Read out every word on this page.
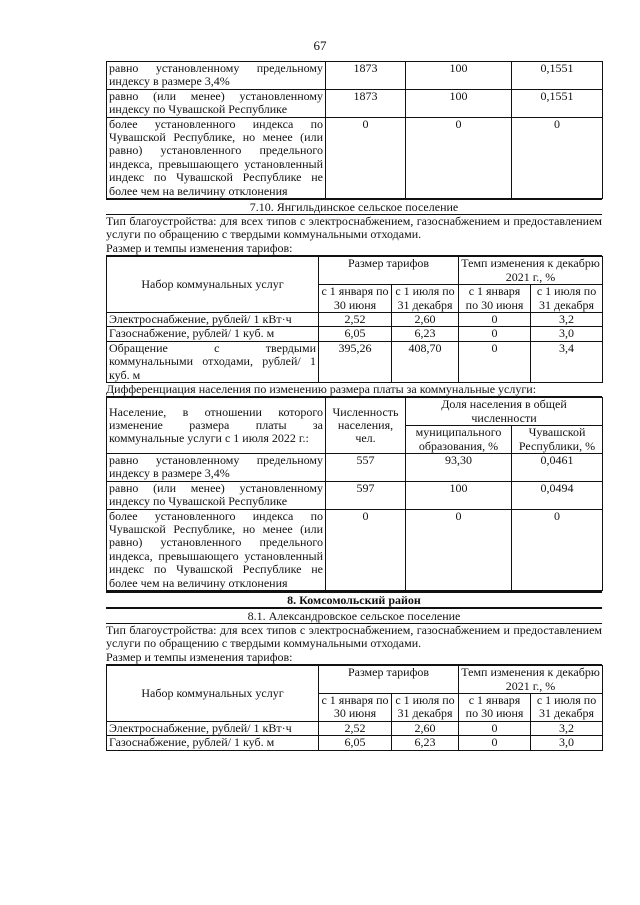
67
равно установленному предельному индексу в размере 3,4%	1873	100	0,1551
равно (или менее) установленному индексу по Чувашской Республике	1873	100	0,1551
более установленного индекса по Чувашской Республике, но менее (или равно) установленного предельного индекса, превышающего установленный индекс по Чувашской Республике не более чем на величину отклонения	0	0	0
7.10. Янгильдинское сельское поселение
Тип благоустройства: для всех типов с электроснабжением, газоснабжением и предоставлением услуги по обращению с твердыми коммунальными отходами.
Размер и темпы изменения тарифов:
Набор коммунальных услуг	Размер тарифов		Темп изменения к декабрю 2021 г., %	
	с 1 января по 30 июня	с 1 июля по 31 декабря	с 1 января по 30 июня	с 1 июля по 31 декабря
Электроснабжение, рублей/ 1 кВт·ч	2,52	2,60	0	3,2
Газоснабжение, рублей/ 1 куб. м	6,05	6,23	0	3,0
Обращение с твердыми коммунальными отходами, рублей/ 1 куб. м	395,26	408,70	0	3,4
Дифференциация населения по изменению размера платы за коммунальные услуги:
Население, в отношении которого изменение размера платы за коммунальные услуги с 1 июля 2022 г.:	Численность населения, чел.	Доля населения в общей численности	
		муниципального образования, %	Чувашской Республики, %
равно установленному предельному индексу в размере 3,4%	557	93,30	0,0461
равно (или менее) установленному индексу по Чувашской Республике	597	100	0,0494
более установленного индекса по Чувашской Республике, но менее (или равно) установленного предельного индекса, превышающего установленный индекс по Чувашской Республике не более чем на величину отклонения	0	0	0
8. Комсомольский район
8.1. Александровское сельское поселение
Тип благоустройства: для всех типов с электроснабжением, газоснабжением и предоставлением услуги по обращению с твердыми коммунальными отходами.
Размер и темпы изменения тарифов:
Набор коммунальных услуг	Размер тарифов		Темп изменения к декабрю 2021 г., %	
	с 1 января по 30 июня	с 1 июля по 31 декабря	с 1 января по 30 июня	с 1 июля по 31 декабря
Электроснабжение, рублей/ 1 кВт·ч	2,52	2,60	0	3,2
Газоснабжение, рублей/ 1 куб. м	6,05	6,23	0	3,0
